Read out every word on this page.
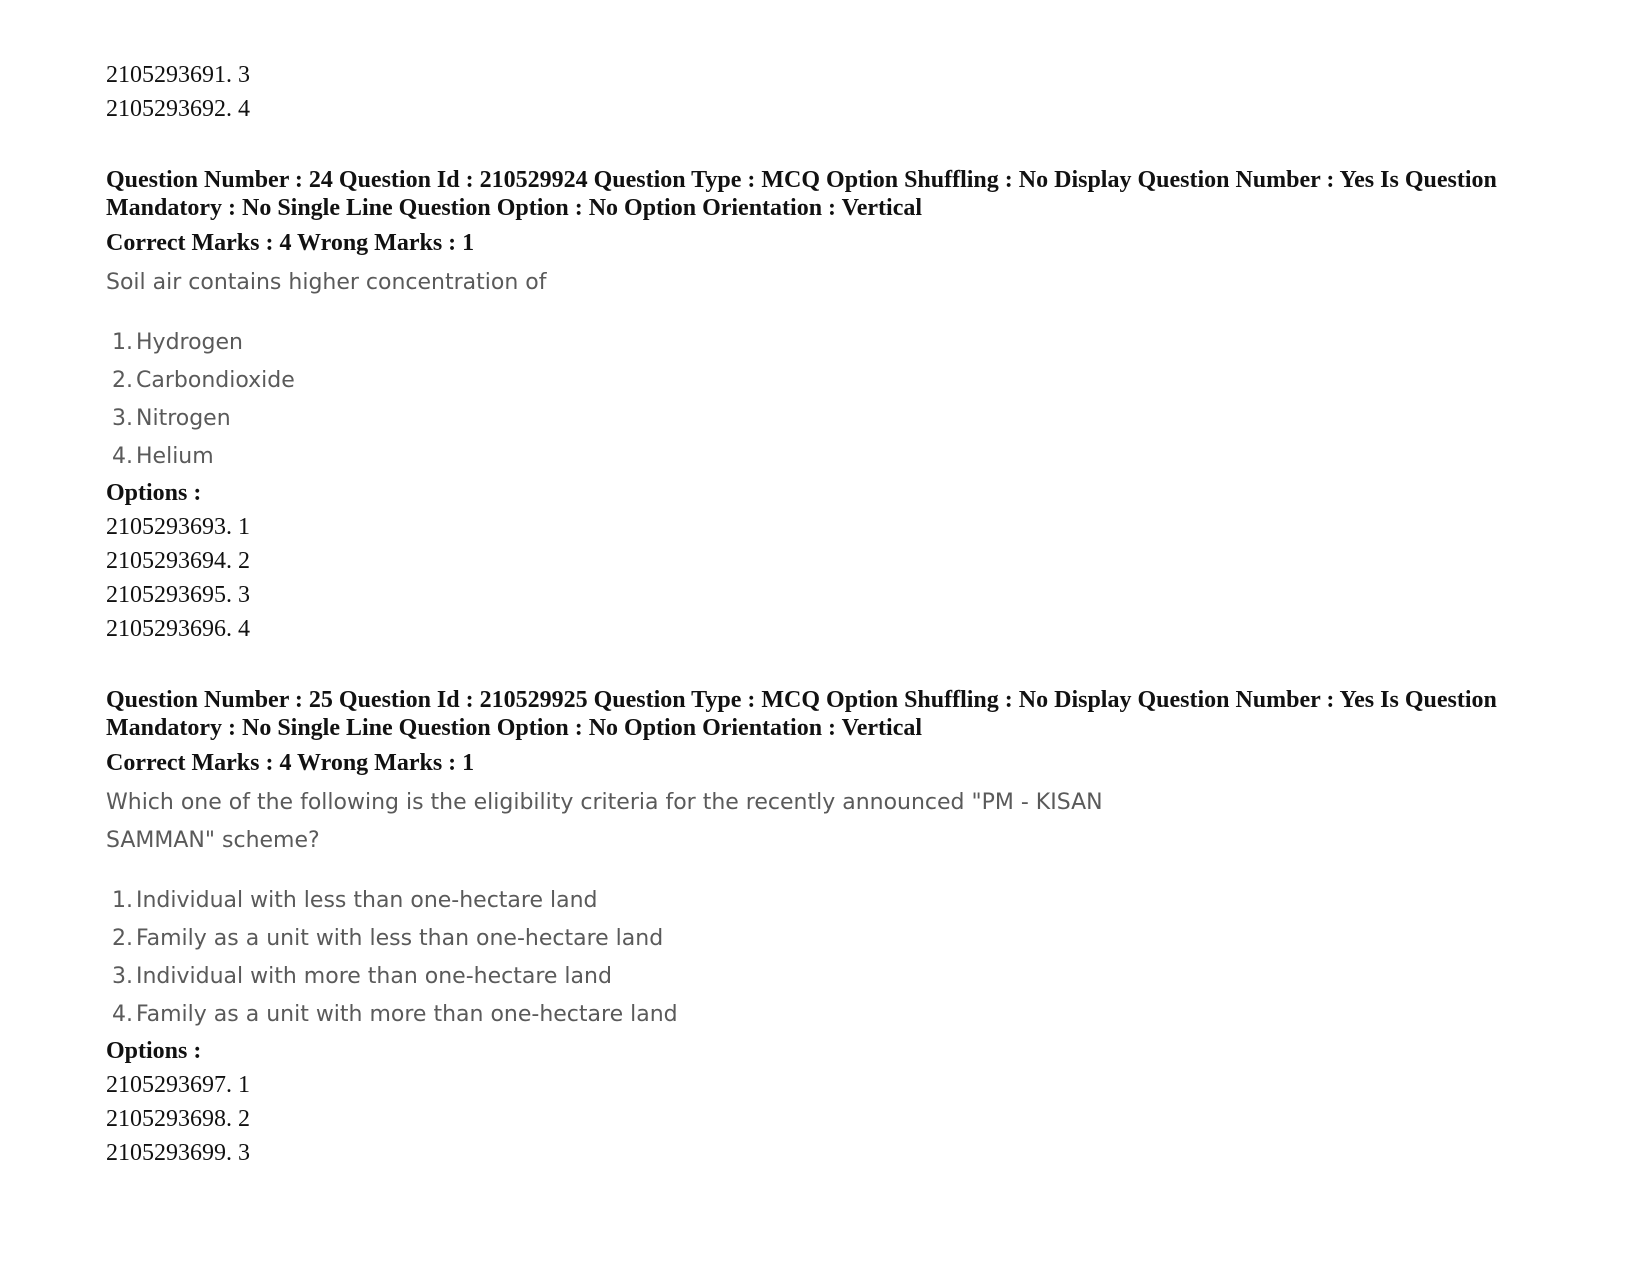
2105293691. 3

2105293692. 4

Question Number : 24 Question Id : 210529924 Question Type : MCQ Option Shuffling : No Display Question Number : Yes Is Question

Mandatory : No Single Line Question Option : No Option Orientation : Vertical

Correct Marks : 4 Wrong Marks : 1

Soil air contains higher concentration of

1. Hydrogen
2. Carbondioxide
3. Nitrogen
4. Helium

Options :

2105293693. 1

2105293694. 2

2105293695. 3

2105293696. 4

Question Number : 25 Question Id : 210529925 Question Type : MCQ Option Shuffling : No Display Question Number : Yes Is Question

Mandatory : No Single Line Question Option : No Option Orientation : Vertical

Correct Marks : 4 Wrong Marks : 1

Which one of the following is the eligibility criteria for the recently announced "PM - KISAN

SAMMAN" scheme?

1. Individual with less than one-hectare land
2. Family as a unit with less than one-hectare land
3. Individual with more than one-hectare land
4. Family as a unit with more than one-hectare land

Options :

2105293697. 1

2105293698. 2

2105293699. 3
